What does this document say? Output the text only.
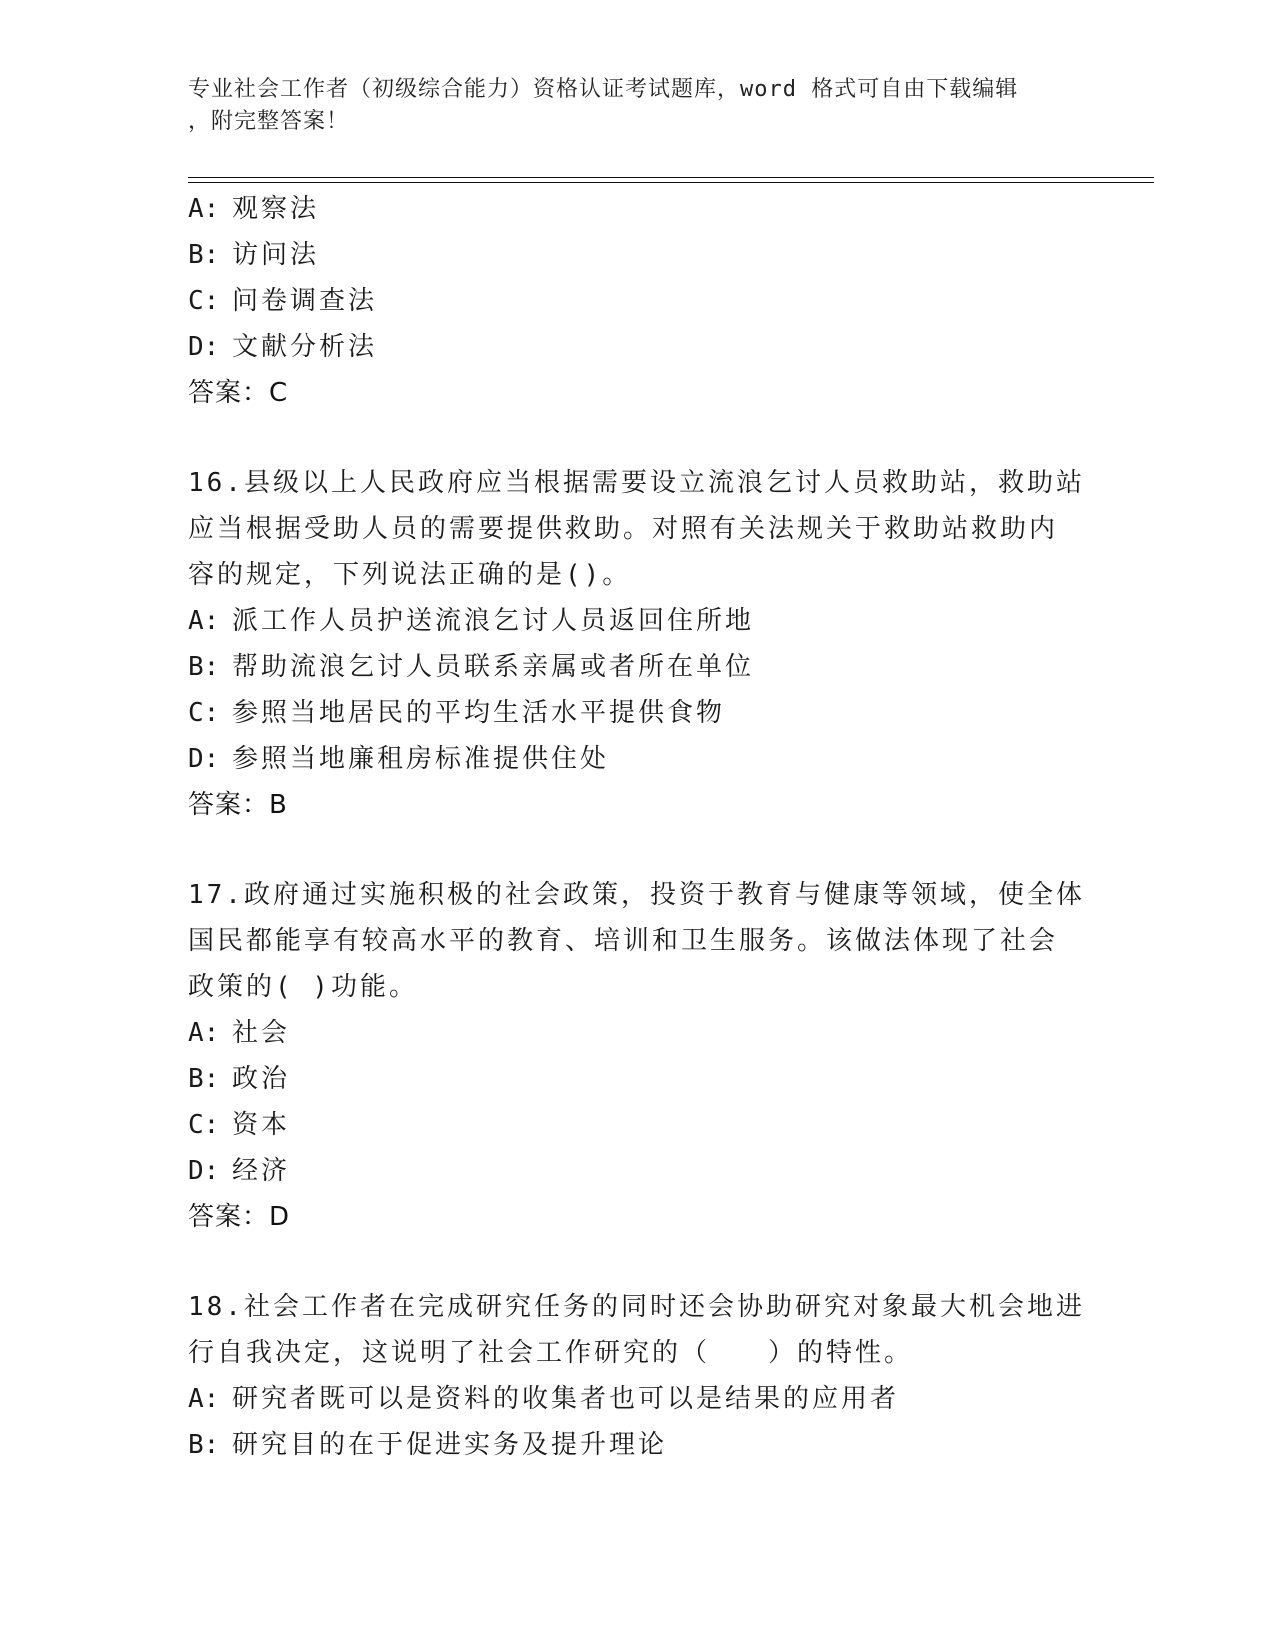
专业社会工作者（初级综合能力）资格认证考试题库，word 格式可自由下载编辑
，附完整答案！
A: 观察法
B: 访问法
C: 问卷调查法
D: 文献分析法
答案：C
16.县级以上人民政府应当根据需要设立流浪乞讨人员救助站，救助站
应当根据受助人员的需要提供救助。对照有关法规关于救助站救助内
容的规定，下列说法正确的是()。
A: 派工作人员护送流浪乞讨人员返回住所地
B: 帮助流浪乞讨人员联系亲属或者所在单位
C: 参照当地居民的平均生活水平提供食物
D: 参照当地廉租房标准提供住处
答案：B
17.政府通过实施积极的社会政策，投资于教育与健康等领域，使全体
国民都能享有较高水平的教育、培训和卫生服务。该做法体现了社会
政策的( )功能。
A: 社会
B: 政治
C: 资本
D: 经济
答案：D
18.社会工作者在完成研究任务的同时还会协助研究对象最大机会地进
行自我决定，这说明了社会工作研究的（　　）的特性。
A: 研究者既可以是资料的收集者也可以是结果的应用者
B: 研究目的在于促进实务及提升理论
